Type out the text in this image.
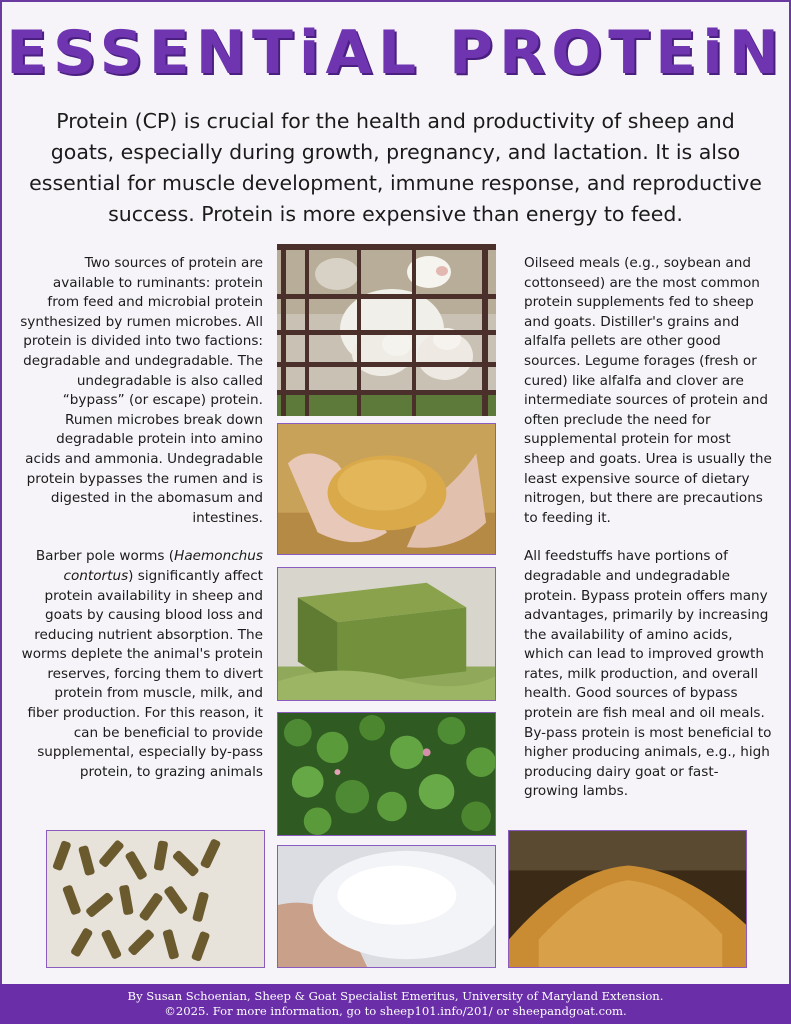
ESSENTiAL PROTEiN

Protein (CP) is crucial for the health and productivity of sheep and goats, especially during growth, pregnancy, and lactation. It is also essential for muscle development, immune response, and reproductive success. Protein is more expensive than energy to feed.

Two sources of protein are available to ruminants: protein from feed and microbial protein synthesized by rumen microbes. All protein is divided into two factions: degradable and undegradable. The undegradable is also called “bypass” (or escape) protein. Rumen microbes break down degradable protein into amino acids and ammonia. Undegradable protein bypasses the rumen and is digested in the abomasum and intestines.

Barber pole worms (Haemonchus contortus) significantly affect protein availability in sheep and goats by causing blood loss and reducing nutrient absorption. The worms deplete the animal's protein reserves, forcing them to divert protein from muscle, milk, and fiber production. For this reason, it can be beneficial to provide supplemental, especially by-pass protein, to grazing animals

Oilseed meals (e.g., soybean and cottonseed) are the most common protein supplements fed to sheep and goats. Distiller's grains and alfalfa pellets are other good sources. Legume forages (fresh or cured) like alfalfa and clover are intermediate sources of protein and often preclude the need for supplemental protein for most sheep and goats. Urea is usually the least expensive source of dietary nitrogen, but there are precautions to feeding it.

All feedstuffs have portions of degradable and undegradable protein. Bypass protein offers many advantages, primarily by increasing the availability of amino acids, which can lead to improved growth rates, milk production, and overall health. Good sources of bypass protein are fish meal and oil meals. By-pass protein is most beneficial to higher producing animals, e.g., high producing dairy goat or fast-growing lambs.

By Susan Schoenian, Sheep & Goat Specialist Emeritus, University of Maryland Extension.
©2025. For more information, go to sheep101.info/201/ or sheepandgoat.com.
